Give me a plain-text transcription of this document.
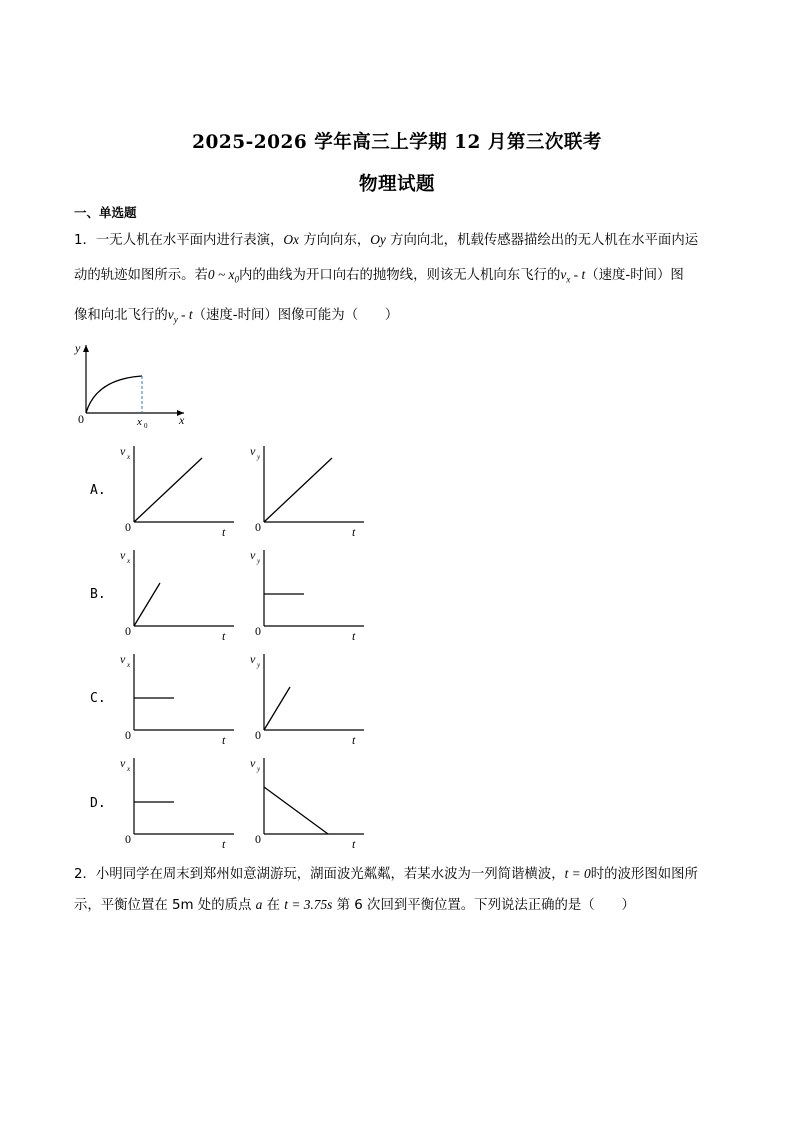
2025-2026 学年高三上学期 12 月第三次联考
物理试题
一、单选题
1．一无人机在水平面内进行表演，Ox 方向向东，Oy 方向向北，机载传感器描绘出的无人机在水平面内运
动的轨迹如图所示。若0 ~ $x_0$内的曲线为开口向右的抛物线，则该无人机向东飞行的$v_x - t$（速度-时间）图
像和向北飞行的$v_y - t$（速度-时间）图像可能为（　　）
y
0	x
x 0
A.
B.
C.
D.
v x
0	t
v y
0	t
v x
0	t
v y
0	t
v x
0	t
v y
0	t
v x
0	t
v y
0	t
2．小明同学在周末到郑州如意湖游玩，湖面波光粼粼，若某水波为一列简谐横波，t = 0时的波形图如图所
示，平衡位置在 5m 处的质点 a 在 t = 3.75s 第 6 次回到平衡位置。下列说法正确的是（　　）
